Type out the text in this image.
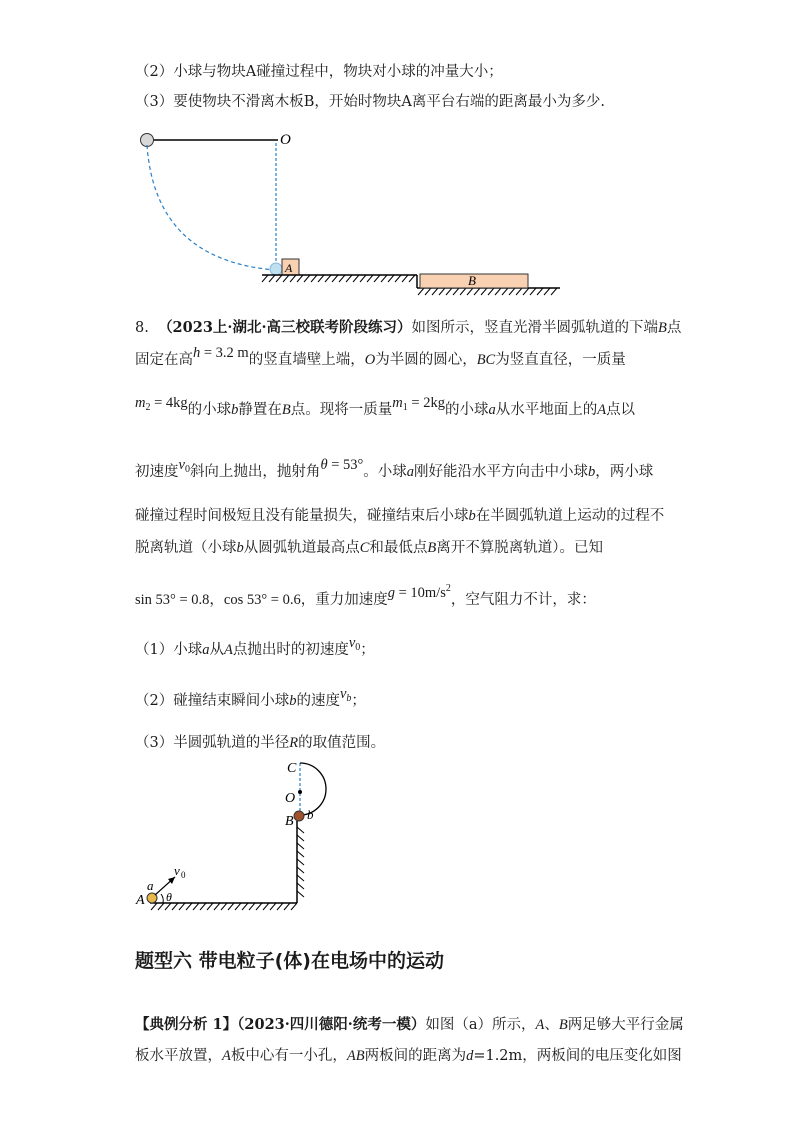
（2）小球与物块A碰撞过程中，物块对小球的冲量大小；
（3）要使物块不滑离木板B，开始时物块A离平台右端的距离最小为多少.
O
A
B
8. （2023上·湖北·高三校联考阶段练习）如图所示，竖直光滑半圆弧轨道的下端B点
固定在高h = 3.2 m的竖直墙壁上端，O为半圆的圆心，BC为竖直直径，一质量
$m_2 = 4kg$的小球b静置在B点。现将一质量$m_1 = 2kg$的小球a从水平地面上的A点以
初速度$v_0$斜向上抛出，抛射角θ = 53°。小球a刚好能沿水平方向击中小球b，两小球
碰撞过程时间极短且没有能量损失，碰撞结束后小球b在半圆弧轨道上运动的过程不
脱离轨道（小球b从圆弧轨道最高点C和最低点B离开不算脱离轨道）。已知
sin 53° = 0.8，cos 53° = 0.6，重力加速度$g = 10m/s^2$，空气阻力不计，求：
（1）小球a从A点抛出时的初速度$v_0$；
（2）碰撞结束瞬间小球b的速度$v_b$；
（3）半圆弧轨道的半径R的取值范围。
C
O
B b
v 0
a
A θ
题型六 带电粒子(体)在电场中的运动
【典例分析 1】（2023·四川德阳·统考一模）如图（a）所示，A、B两足够大平行金属
板水平放置，A板中心有一小孔，AB两板间的距离为d=1.2m，两板间的电压变化如图
